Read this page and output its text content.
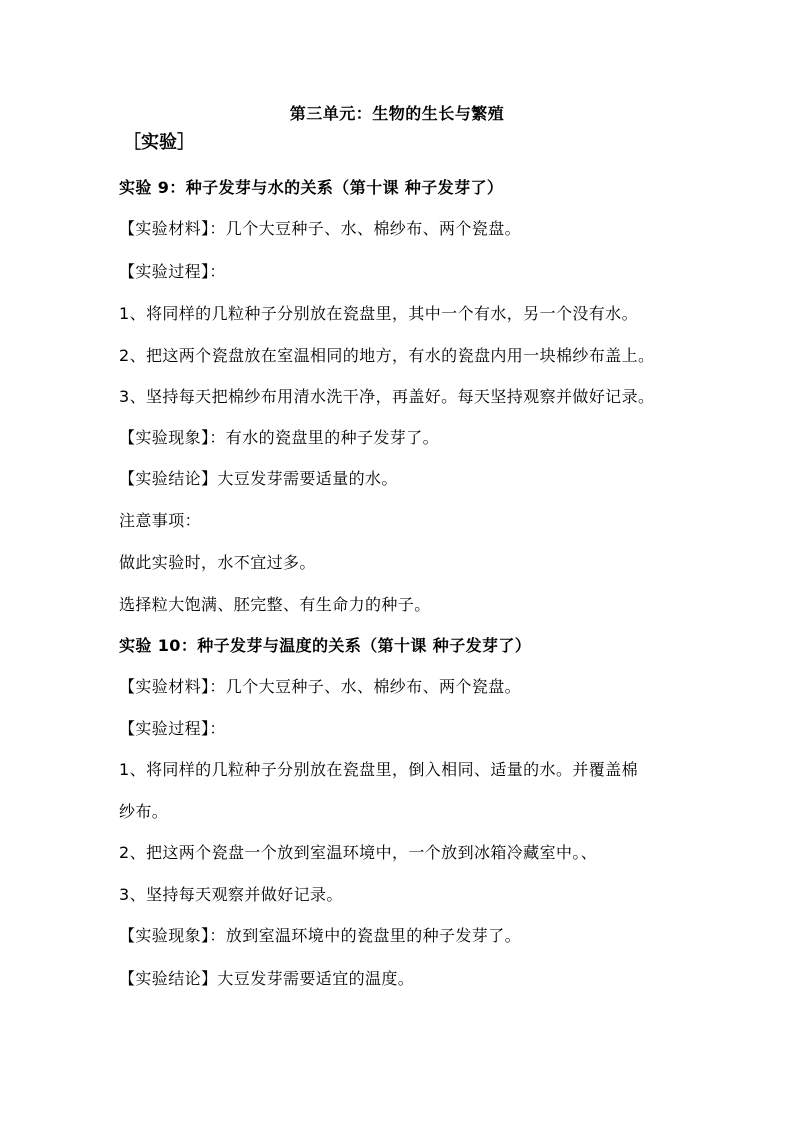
第三单元：生物的生长与繁殖
［实验］
实验 9：种子发芽与水的关系（第十课 种子发芽了）
【实验材料】：几个大豆种子、水、棉纱布、两个瓷盘。
【实验过程】：
1、将同样的几粒种子分别放在瓷盘里，其中一个有水，另一个没有水。
2、把这两个瓷盘放在室温相同的地方，有水的瓷盘内用一块棉纱布盖上。
3、坚持每天把棉纱布用清水洗干净，再盖好。每天坚持观察并做好记录。
【实验现象】：有水的瓷盘里的种子发芽了。
【实验结论】大豆发芽需要适量的水。
注意事项：
做此实验时，水不宜过多。
选择粒大饱满、胚完整、有生命力的种子。
实验 10：种子发芽与温度的关系（第十课 种子发芽了）
【实验材料】：几个大豆种子、水、棉纱布、两个瓷盘。
【实验过程】：
1、将同样的几粒种子分别放在瓷盘里，倒入相同、适量的水。并覆盖棉
纱布。
2、把这两个瓷盘一个放到室温环境中，一个放到冰箱冷藏室中。、
3、坚持每天观察并做好记录。
【实验现象】：放到室温环境中的瓷盘里的种子发芽了。
【实验结论】大豆发芽需要适宜的温度。
